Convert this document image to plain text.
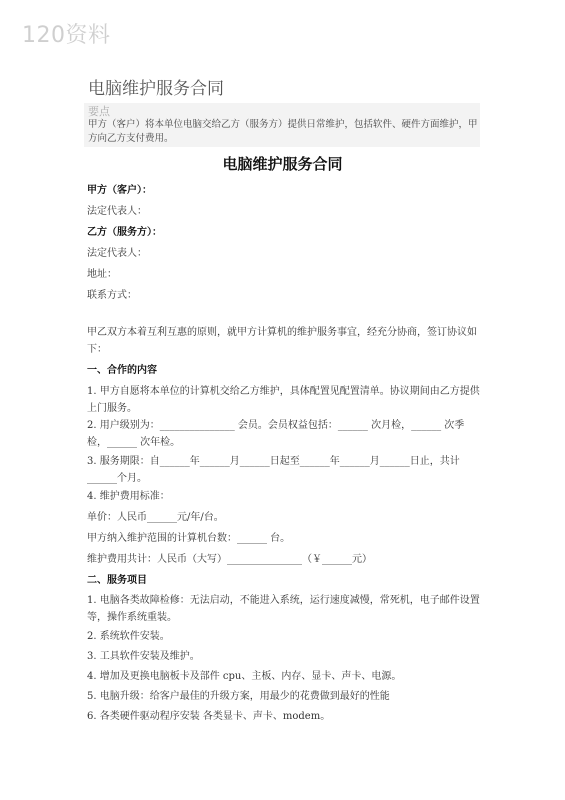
120资料
电脑维护服务合同
要点
甲方（客户）将本单位电脑交给乙方（服务方）提供日常维护，包括软件、硬件方面维护，甲方向乙方支付费用。
电脑维护服务合同
甲方（客户）：
法定代表人：
乙方（服务方）：
法定代表人：
地址：
联系方式：
甲乙双方本着互利互惠的原则，就甲方计算机的维护服务事宜，经充分协商，签订协议如下：
一、合作的内容
1. 甲方自愿将本单位的计算机交给乙方维护，具体配置见配置清单。协议期间由乙方提供上门服务。
2. 用户级别为：_______________ 会员。会员权益包括：______ 次月检，______ 次季检，______ 次年检。
3. 服务期限：自______年______月______日起至______年______月______日止，共计______个月。
4. 维护费用标准：
单价：人民币______元/年/台。
甲方纳入维护范围的计算机台数：______ 台。
维护费用共计：人民币（大写）_______________（￥______元）
二、服务项目
1. 电脑各类故障检修：无法启动，不能进入系统，运行速度减慢，常死机，电子邮件设置等，操作系统重装。
2. 系统软件安装。
3. 工具软件安装及维护。
4. 增加及更换电脑板卡及部件 cpu、主板、内存、显卡、声卡、电源。
5. 电脑升级：给客户最佳的升级方案，用最少的花费做到最好的性能
6. 各类硬件驱动程序安装 各类显卡、声卡、modem。
